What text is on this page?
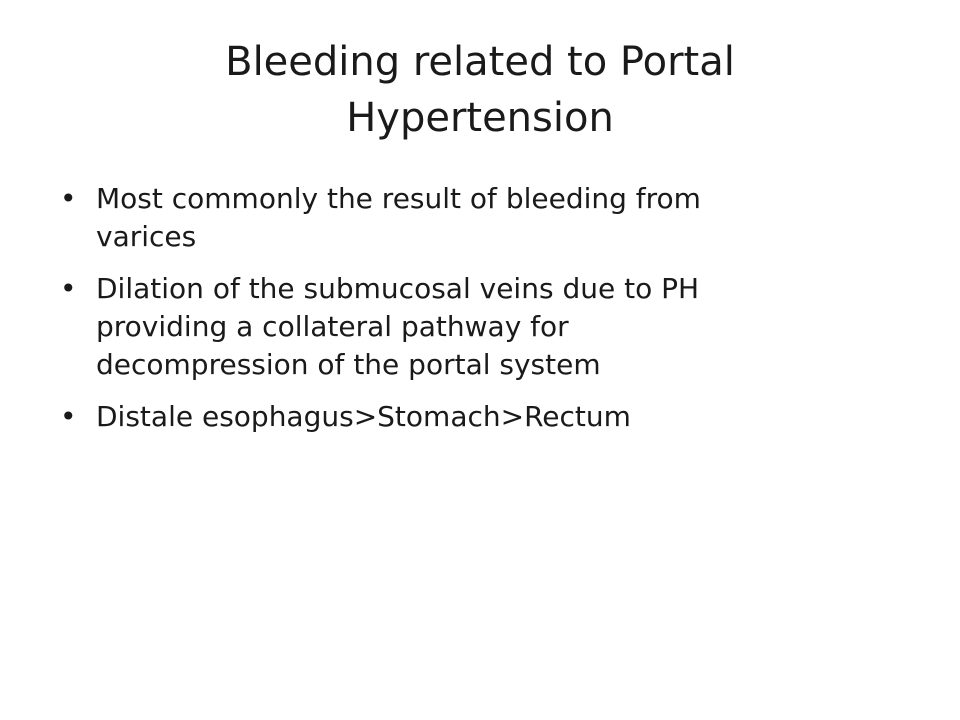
Bleeding related to Portal
Hypertension
• Most commonly the result of bleeding from
varices
• Dilation of the submucosal veins due to PH
providing a collateral pathway for
decompression of the portal system
• Distale esophagus>Stomach>Rectum
